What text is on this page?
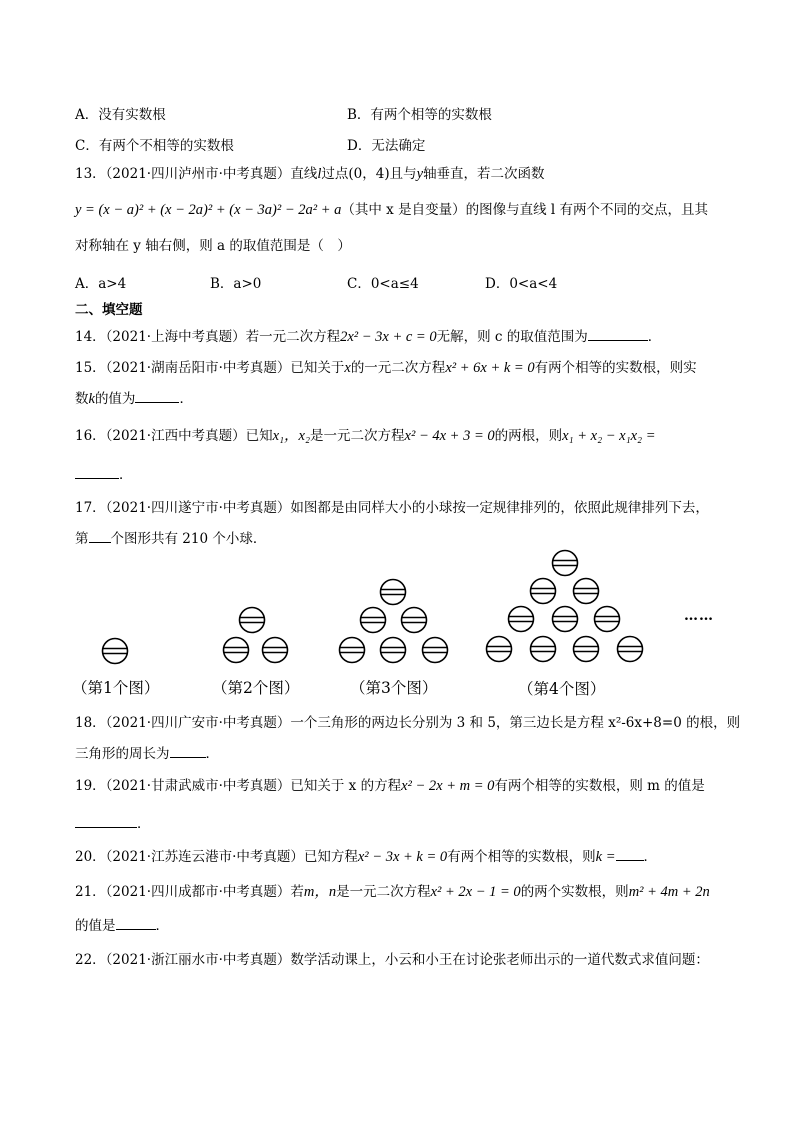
A．没有实数根	B．有两个相等的实数根
C．有两个不相等的实数根	D．无法确定
13．（2021·四川泸州市·中考真题）直线l过点(0，4)且与y轴垂直，若二次函数
y = (x − a)² + (x − 2a)² + (x − 3a)² − 2a² + a（其中 x 是自变量）的图像与直线 l 有两个不同的交点，且其
对称轴在 y 轴右侧，则 a 的取值范围是（　）
A．a>4	B．a>0	C．0<a≤4	D．0<a<4
二、填空题
14．（2021·上海中考真题）若一元二次方程2x² − 3x + c = 0无解，则 c 的取值范围为	．
15．（2021·湖南岳阳市·中考真题）已知关于x的一元二次方程x² + 6x + k = 0有两个相等的实数根，则实
数k的值为	．
16．（2021·江西中考真题）已知x₁，x₂是一元二次方程x² − 4x + 3 = 0的两根，则x₁ + x₂ − x₁x₂ =
．
17．（2021·四川遂宁市·中考真题）如图都是由同样大小的小球按一定规律排列的，依照此规律排列下去，
第 个图形共有 210 个小球．
……
（第1个图）	（第2个图）	（第3个图）	（第4个图）
18．（2021·四川广安市·中考真题）一个三角形的两边长分别为 3 和 5，第三边长是方程 x²-6x+8=0 的根，则
三角形的周长为	．
19．（2021·甘肃武威市·中考真题）已知关于 x 的方程x² − 2x + m = 0有两个相等的实数根，则 m 的值是
．
20．（2021·江苏连云港市·中考真题）已知方程x² − 3x + k = 0有两个相等的实数根，则k = ．
21．（2021·四川成都市·中考真题）若m，n是一元二次方程x² + 2x − 1 = 0的两个实数根，则m² + 4m + 2n
的值是	．
22．（2021·浙江丽水市·中考真题）数学活动课上，小云和小王在讨论张老师出示的一道代数式求值问题：
